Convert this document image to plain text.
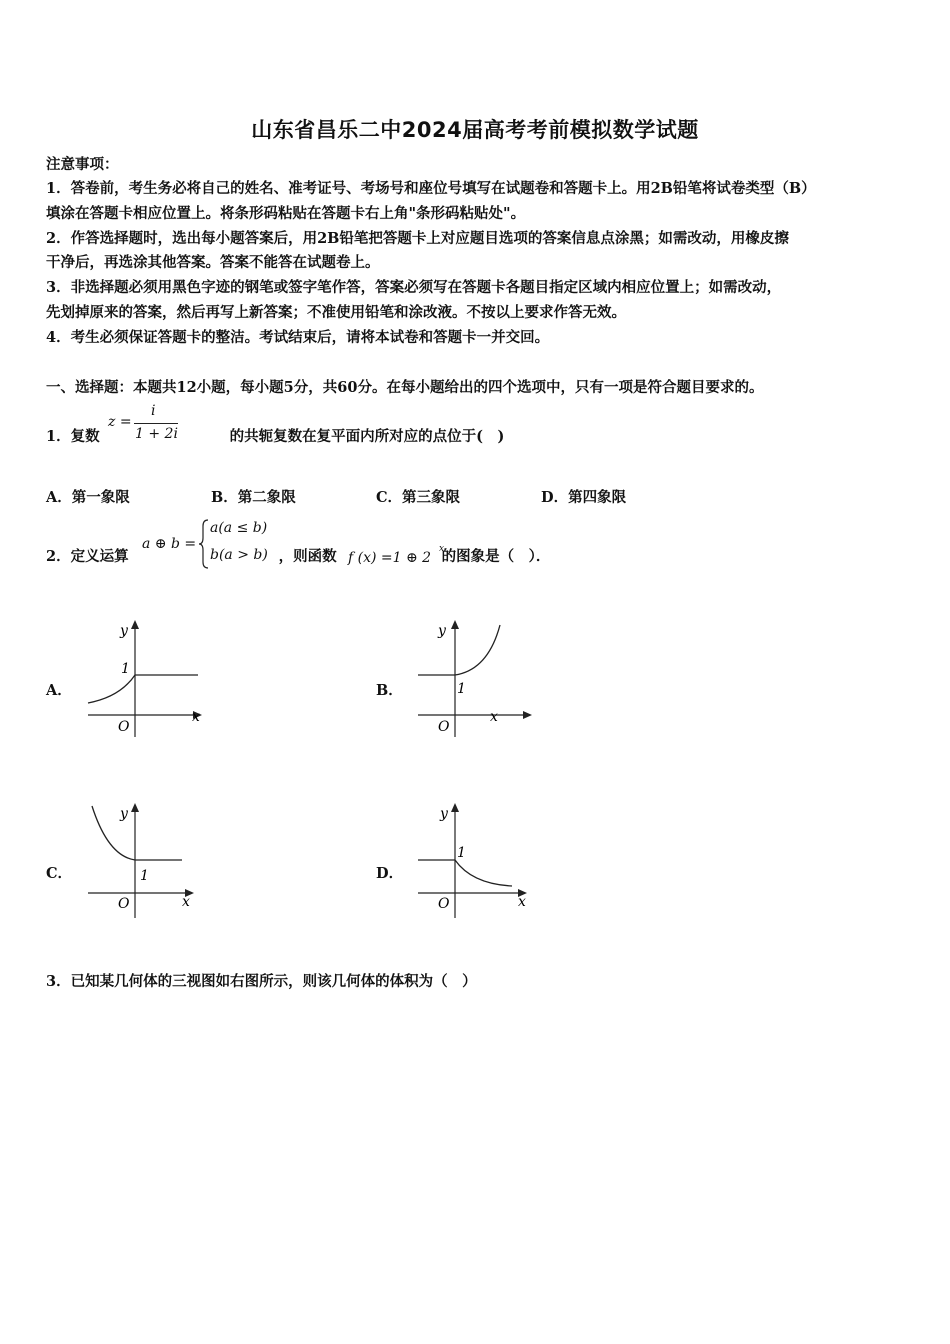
山东省昌乐二中2024届高考考前模拟数学试题
注意事项：
1．答卷前，考生务必将自己的姓名、准考证号、考场号和座位号填写在试题卷和答题卡上。用2B铅笔将试卷类型（B）
填涂在答题卡相应位置上。将条形码粘贴在答题卡右上角"条形码粘贴处"。
2．作答选择题时，选出每小题答案后，用2B铅笔把答题卡上对应题目选项的答案信息点涂黑；如需改动，用橡皮擦
干净后，再选涂其他答案。答案不能答在试题卷上。
3．非选择题必须用黑色字迹的钢笔或签字笔作答，答案必须写在答题卡各题目指定区域内相应位置上；如需改动，
先划掉原来的答案，然后再写上新答案；不准使用铅笔和涂改液。不按以上要求作答无效。
4．考生必须保证答题卡的整洁。考试结束后，请将本试卷和答题卡一并交回。
一、选择题：本题共12小题，每小题5分，共60分。在每小题给出的四个选项中，只有一项是符合题目要求的。
1．复数	的共轭复数在复平面内所对应的点位于(　)
z =
i
1 + 2i
A．第一象限	B．第二象限	C．第三象限	D．第四象限
2．定义运算	，则函数	的图象是（　）．
a ⊕ b =
a(a ≤ b)
b(a > b)	f (x) =1 ⊕ 2
x
A．	B．
C．	D．
y
x
O
1
y
x
O
1
y
x
O
1
y
x
O
1
3．已知某几何体的三视图如右图所示，则该几何体的体积为（　）
